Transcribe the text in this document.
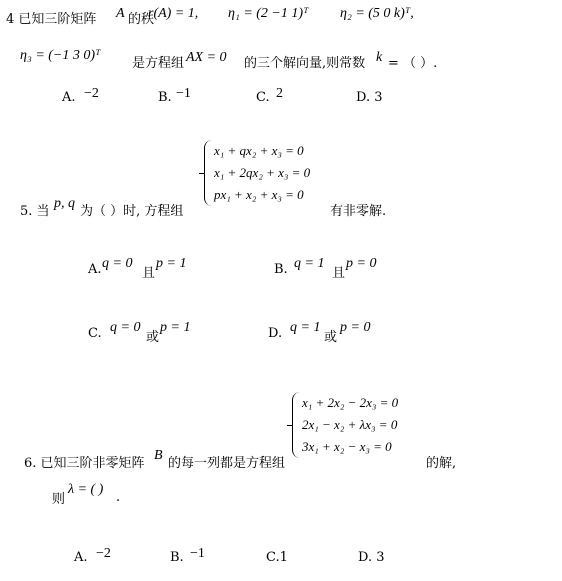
4 已知三阶矩阵 A 的秩
r(A) = 1, η₁ = (2 −1 1)ᵀ η₂ = (5 0 k)ᵀ,
η₃ = (−1 3 0)ᵀ
是方程组 AX = 0 的三个解向量,则常数 k = （ ）.
A. −2	B. −1	C. 2	D. 3
x₁ + qx₂ + x₃ = 0
x₁ + 2qx₂ + x₃ = 0
px₁ + x₂ + x₃ = 0
5. 当
p, q
为（ ）时, 方程组	有非零解.
A. q = 0
且
p = 1	B. q = 1
且
p = 0
C. q = 0
或
p = 1	D. q = 1
或
p = 0
x₁ + 2x₂ − 2x₃ = 0
2x₁ − x₂ + λx₃ = 0
3x₁ + x₂ − x₃ = 0
6. 已知三阶非零矩阵
B
的每一列都是方程组	的解,
则
λ = ( )
.
A. −2	B. −1	C.1	D. 3
